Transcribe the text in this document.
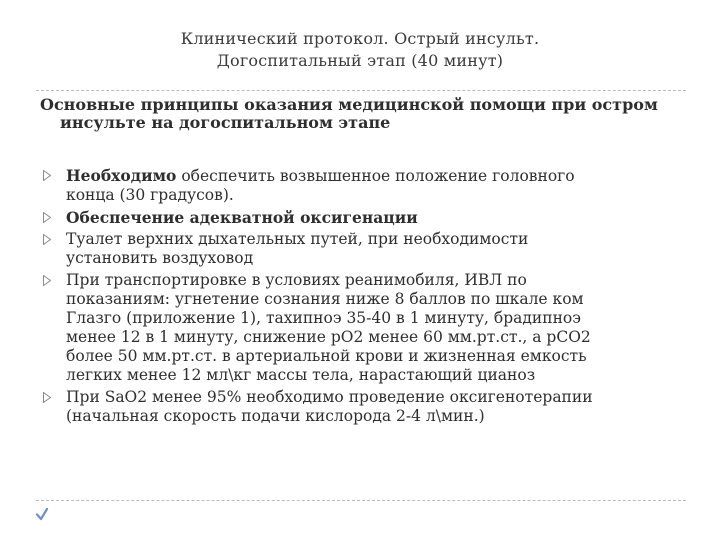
Клинический протокол. Острый инсульт.
Догоспитальный этап (40 минут)
Основные принципы оказания медицинской помощи при остром
инсульте на догоспитальном этапе
Необходимо обеспечить возвышенное положение головного
конца (30 градусов).
Обеспечение адекватной оксигенации
Туалет верхних дыхательных путей, при необходимости
установить воздуховод
При транспортировке в условиях реанимобиля, ИВЛ по
показаниям: угнетение сознания ниже 8 баллов по шкале ком
Глазго (приложение 1), тахипноэ 35-40 в 1 минуту, брадипноэ
менее 12 в 1 минуту, снижение рО2 менее 60 мм.рт.ст., а рСО2
более 50 мм.рт.ст. в артериальной крови и жизненная емкость
легких менее 12 мл\кг массы тела, нарастающий цианоз
При SaO2 менее 95% необходимо проведение оксигенотерапии
(начальная скорость подачи кислорода 2-4 л\мин.)
